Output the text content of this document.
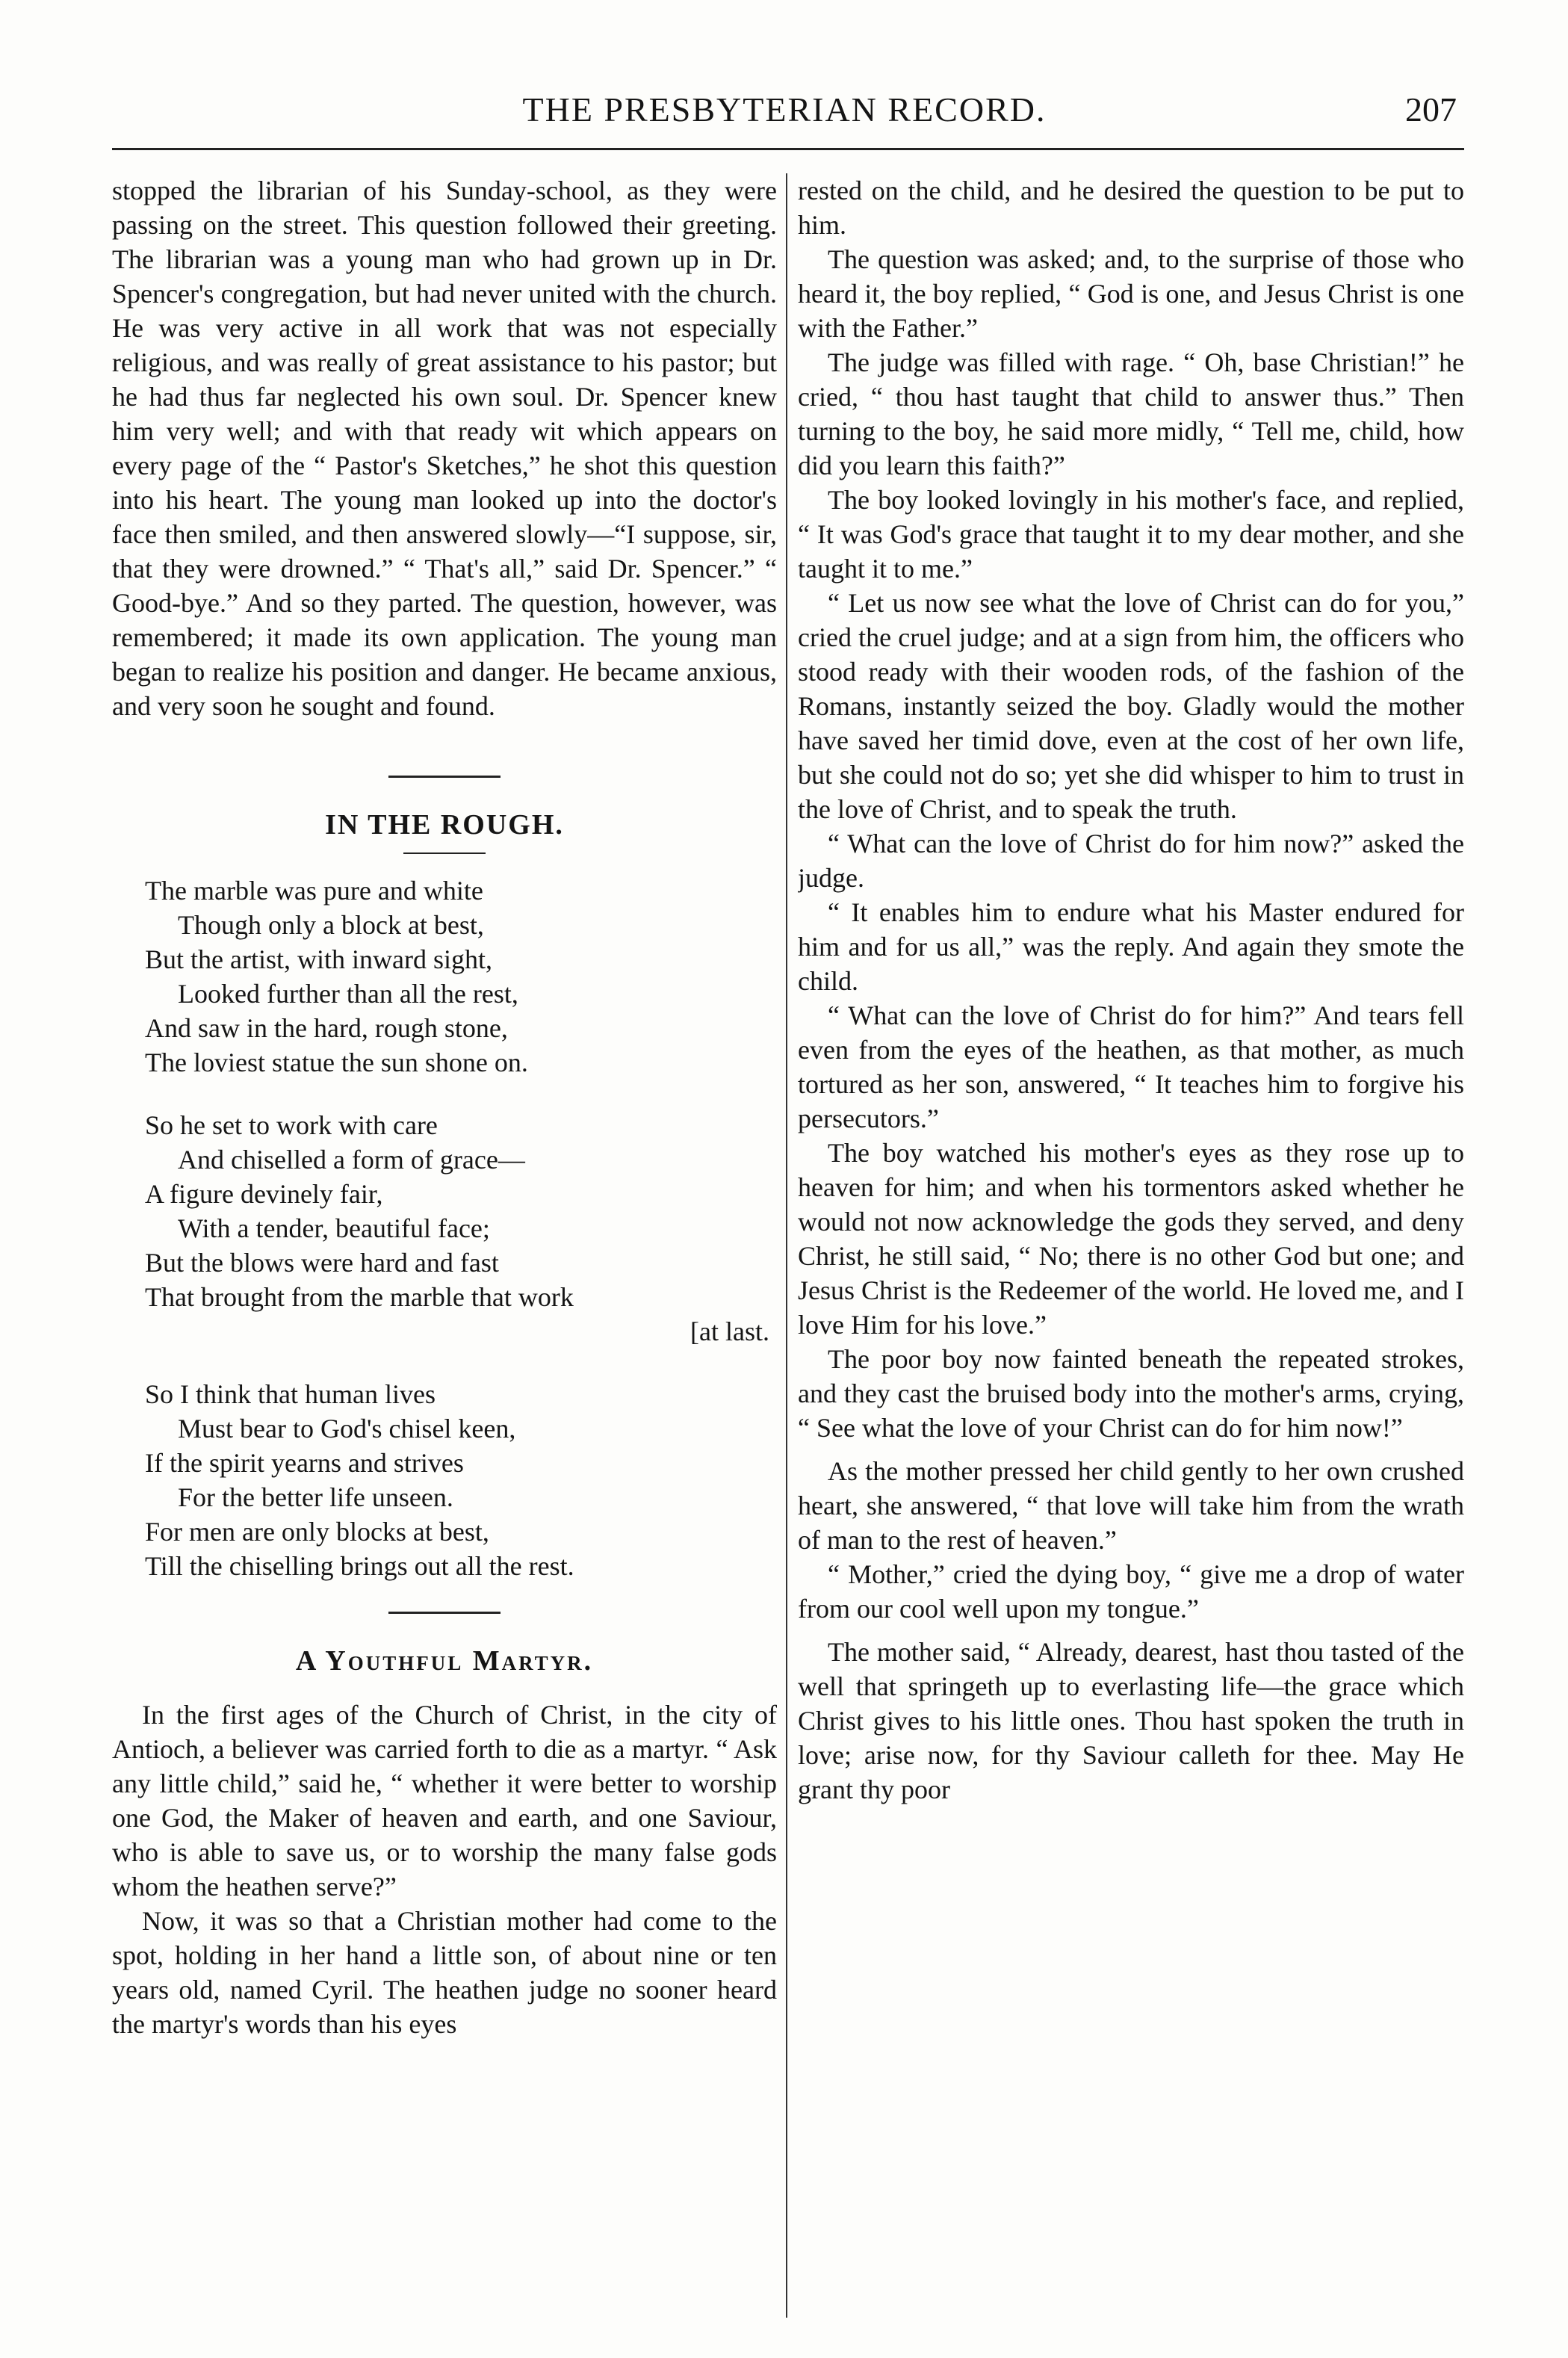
THE PRESBYTERIAN RECORD.	207

stopped the librarian of his Sunday-school, as they were passing on the street. This question followed their greeting. The librarian was a young man who had grown up in Dr. Spencer's congregation, but had never united with the church. He was very active in all work that was not especially religious, and was really of great assistance to his pastor; but he had thus far neglected his own soul. Dr. Spencer knew him very well; and with that ready wit which appears on every page of the “ Pastor's Sketches,” he shot this question into his heart. The young man looked up into the doctor's face then smiled, and then answered slowly—“I suppose, sir, that they were drowned.” “ That's all,” said Dr. Spencer.” “ Good-bye.” And so they parted. The question, however, was remembered; it made its own application. The young man began to realize his position and danger. He became anxious, and very soon he sought and found.

IN THE ROUGH.
The marble was pure and white
Though only a block at best,
But the artist, with inward sight,
Looked further than all the rest,
And saw in the hard, rough stone,
The loviest statue the sun shone on.
So he set to work with care
And chiselled a form of grace—
A figure devinely fair,
With a tender, beautiful face;
But the blows were hard and fast
That brought from the marble that work
[at last.
So I think that human lives
Must bear to God's chisel keen,
If the spirit yearns and strives
For the better life unseen.
For men are only blocks at best,
Till the chiselling brings out all the rest.
A Youthful Martyr.

In the first ages of the Church of Christ, in the city of Antioch, a believer was carried forth to die as a martyr. “ Ask any little child,” said he, “ whether it were better to worship one God, the Maker of heaven and earth, and one Saviour, who is able to save us, or to worship the many false gods whom the heathen serve?”

Now, it was so that a Christian mother had come to the spot, holding in her hand a little son, of about nine or ten years old, named Cyril. The heathen judge no sooner heard the martyr's words than his eyes

rested on the child, and he desired the question to be put to him.

The question was asked; and, to the surprise of those who heard it, the boy replied, “ God is one, and Jesus Christ is one with the Father.”

The judge was filled with rage. “ Oh, base Christian!” he cried, “ thou hast taught that child to answer thus.” Then turning to the boy, he said more midly, “ Tell me, child, how did you learn this faith?”

The boy looked lovingly in his mother's face, and replied, “ It was God's grace that taught it to my dear mother, and she taught it to me.”

“ Let us now see what the love of Christ can do for you,” cried the cruel judge; and at a sign from him, the officers who stood ready with their wooden rods, of the fashion of the Romans, instantly seized the boy. Gladly would the mother have saved her timid dove, even at the cost of her own life, but she could not do so; yet she did whisper to him to trust in the love of Christ, and to speak the truth.

“ What can the love of Christ do for him now?” asked the judge.

“ It enables him to endure what his Master endured for him and for us all,” was the reply. And again they smote the child.

“ What can the love of Christ do for him?” And tears fell even from the eyes of the heathen, as that mother, as much tortured as her son, answered, “ It teaches him to forgive his persecutors.”

The boy watched his mother's eyes as they rose up to heaven for him; and when his tormentors asked whether he would not now acknowledge the gods they served, and deny Christ, he still said, “ No; there is no other God but one; and Jesus Christ is the Redeemer of the world. He loved me, and I love Him for his love.”

The poor boy now fainted beneath the repeated strokes, and they cast the bruised body into the mother's arms, crying, “ See what the love of your Christ can do for him now!”

As the mother pressed her child gently to her own crushed heart, she answered, “ that love will take him from the wrath of man to the rest of heaven.”

“ Mother,” cried the dying boy, “ give me a drop of water from our cool well upon my tongue.”

The mother said, “ Already, dearest, hast thou tasted of the well that springeth up to everlasting life—the grace which Christ gives to his little ones. Thou hast spoken the truth in love; arise now, for thy Saviour calleth for thee. May He grant thy poor
